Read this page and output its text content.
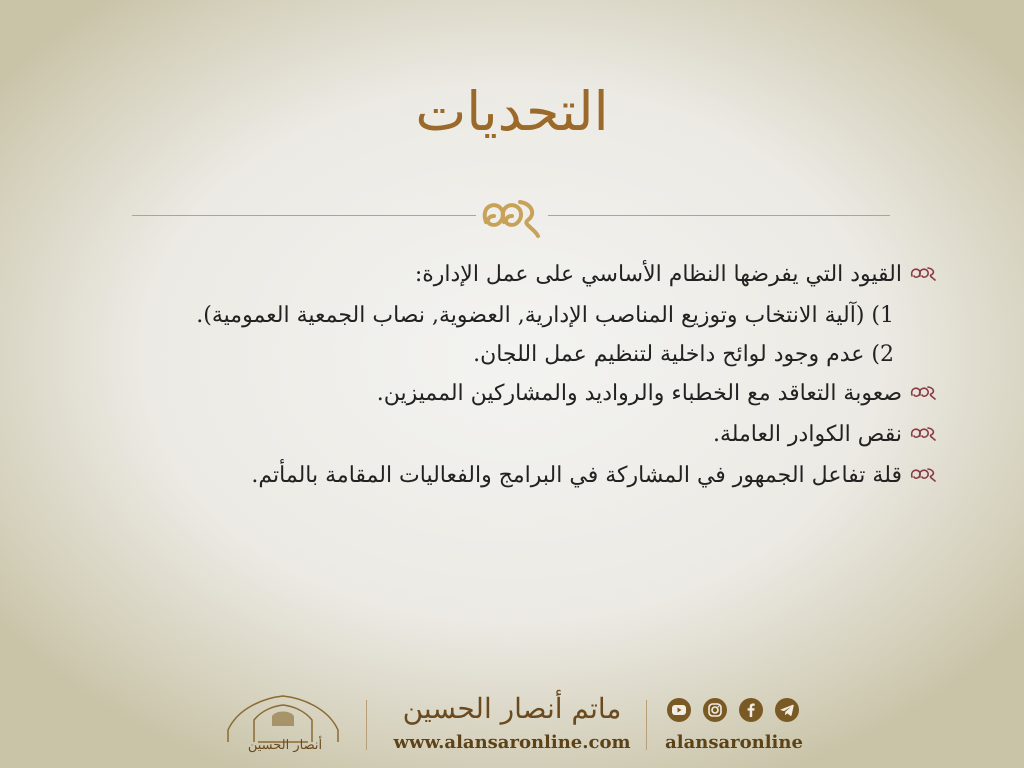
التحديات
القيود التي يفرضها النظام الأساسي على عمل الإدارة:
1) (آلية الانتخاب وتوزيع المناصب الإدارية, العضوية, نصاب الجمعية العمومية).
2) عدم وجود لوائح داخلية لتنظيم عمل اللجان.
صعوبة التعاقد مع الخطباء والرواديد والمشاركين المميزين.
نقص الكوادر العاملة.
قلة تفاعل الجمهور في المشاركة في البرامج والفعاليات المقامة بالمأتم.
أنصار الحسين
ماتم أنصار الحسين
www.alansaronline.com	alansaronline
